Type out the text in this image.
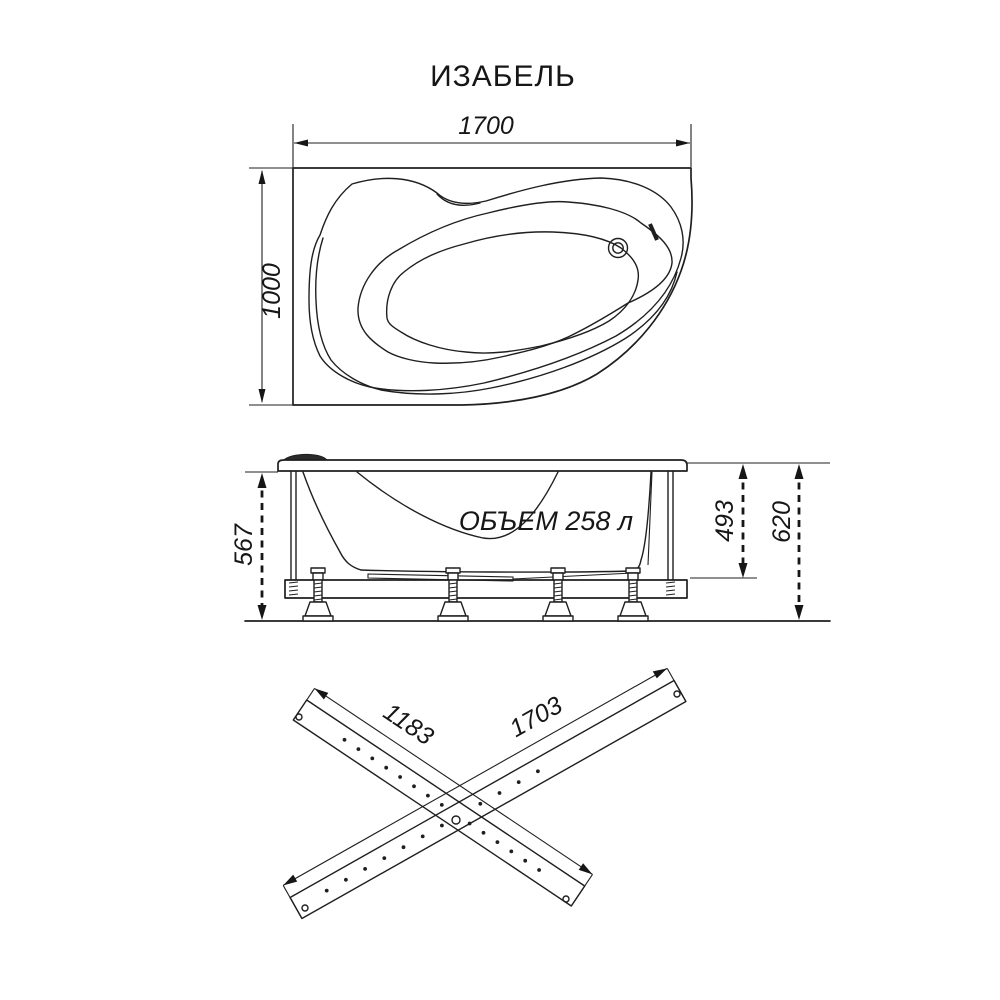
ИЗАБЕЛЬ
1700
1000
ОБЪЕМ 258 л
567
493 620
1183	1703
